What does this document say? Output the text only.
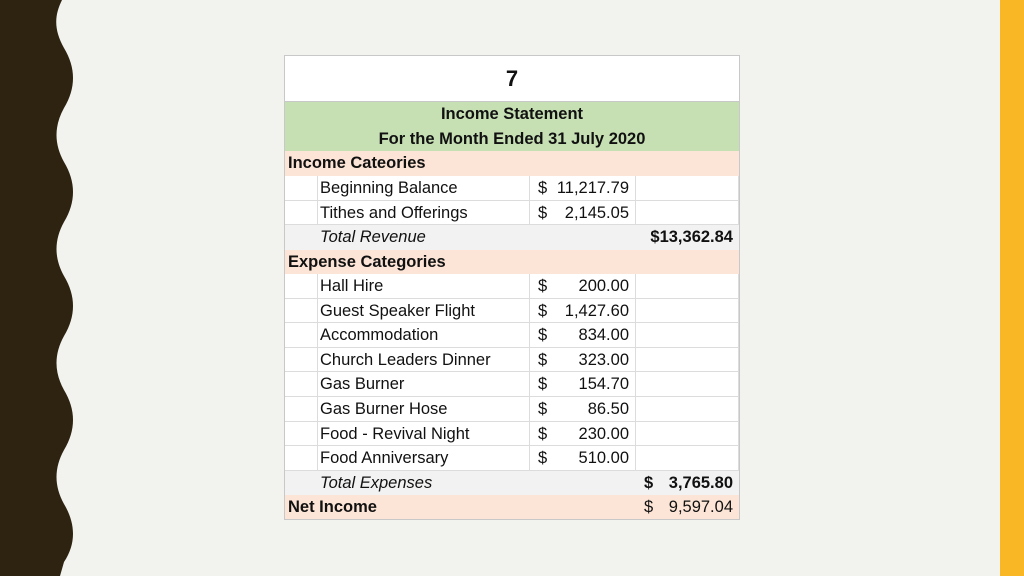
7
Income Statement
For the Month Ended 31 July 2020
Income Cateories
Beginning Balance	$ 11,217.79
Tithes and Offerings	$ 2,145.05
Total Revenue	$13,362.84
Expense Categories
Hall Hire	$ 200.00
Guest Speaker Flight	$ 1,427.60
Accommodation	$ 834.00
Church Leaders Dinner	$ 323.00
Gas Burner	$ 154.70
Gas Burner Hose	$ 86.50
Food - Revival Night	$ 230.00
Food Anniversary	$ 510.00
Total Expenses	$ 3,765.80
Net Income	$ 9,597.04
